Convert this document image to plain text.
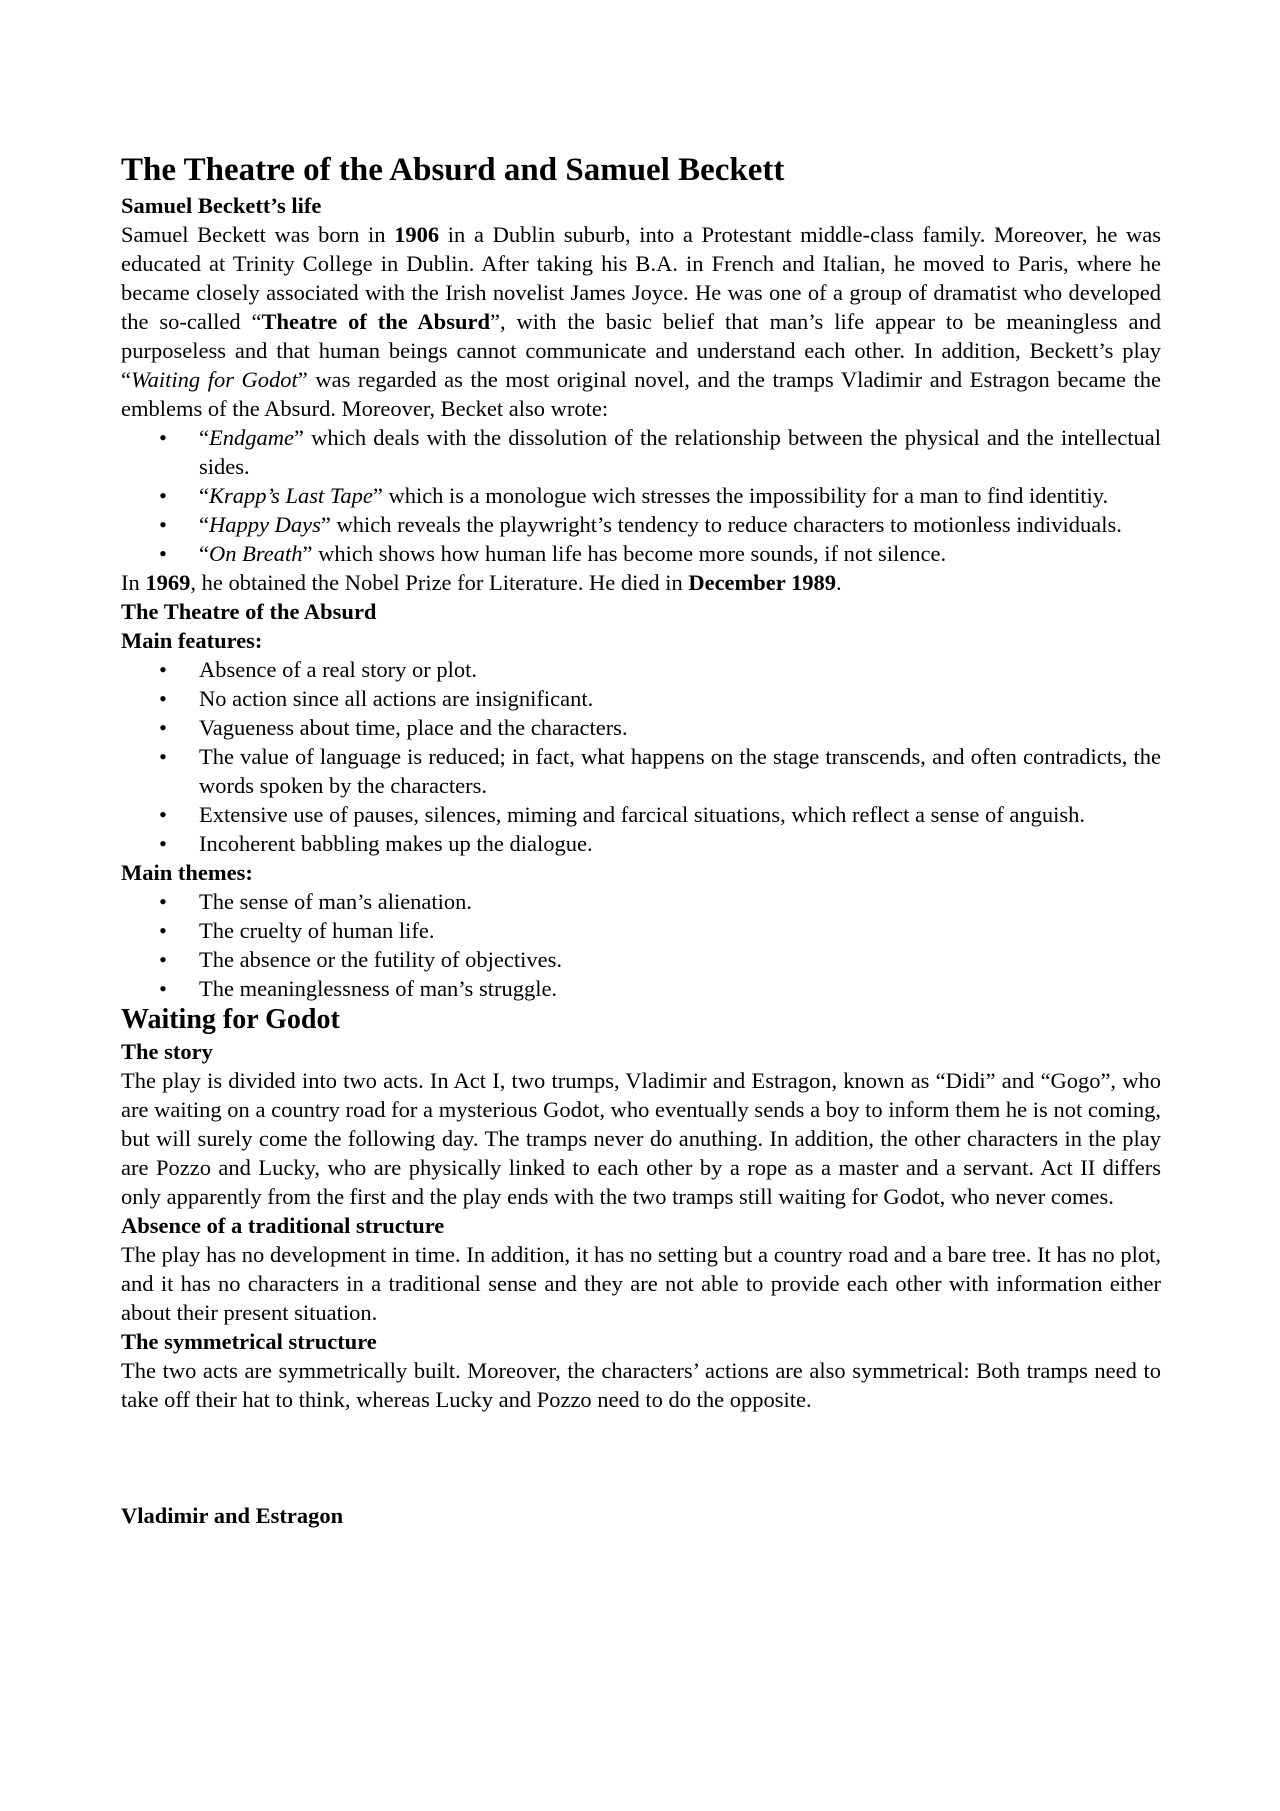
The Theatre of the Absurd and Samuel Beckett
Samuel Beckett’s life

Samuel Beckett was born in 1906 in a Dublin suburb, into a Protestant middle-class family. Moreover, he was educated at Trinity College in Dublin. After taking his B.A. in French and Italian, he moved to Paris, where he became closely associated with the Irish novelist James Joyce. He was one of a group of dramatist who developed the so-called “Theatre of the Absurd”, with the basic belief that man’s life appear to be meaningless and purposeless and that human beings cannot communicate and understand each other. In addition, Beckett’s play “Waiting for Godot” was regarded as the most original novel, and the tramps Vladimir and Estragon became the emblems of the Absurd. Moreover, Becket also wrote:

• “Endgame” which deals with the dissolution of the relationship between the physical and the intellectual sides.
• “Krapp’s Last Tape” which is a monologue wich stresses the impossibility for a man to find identitiy.
• “Happy Days” which reveals the playwright’s tendency to reduce characters to motionless individuals.
• “On Breath” which shows how human life has become more sounds, if not silence.

In 1969, he obtained the Nobel Prize for Literature. He died in December 1989.

The Theatre of the Absurd
Main features:
• Absence of a real story or plot.
• No action since all actions are insignificant.
• Vagueness about time, place and the characters.
• The value of language is reduced; in fact, what happens on the stage transcends, and often contradicts, the words spoken by the characters.
• Extensive use of pauses, silences, miming and farcical situations, which reflect a sense of anguish.
• Incoherent babbling makes up the dialogue.
Main themes:
• The sense of man’s alienation.
• The cruelty of human life.
• The absence or the futility of objectives.
• The meaninglessness of man’s struggle.
Waiting for Godot
The story

The play is divided into two acts. In Act I, two trumps, Vladimir and Estragon, known as “Didi” and “Gogo”, who are waiting on a country road for a mysterious Godot, who eventually sends a boy to inform them he is not coming, but will surely come the following day. The tramps never do anuthing. In addition, the other characters in the play are Pozzo and Lucky, who are physically linked to each other by a rope as a master and a servant. Act II differs only apparently from the first and the play ends with the two tramps still waiting for Godot, who never comes.

Absence of a traditional structure

The play has no development in time. In addition, it has no setting but a country road and a bare tree. It has no plot, and it has no characters in a traditional sense and they are not able to provide each other with information either about their present situation.

The symmetrical structure

The two acts are symmetrically built. Moreover, the characters’ actions are also symmetrical: Both tramps need to take off their hat to think, whereas Lucky and Pozzo need to do the opposite.

Vladimir and Estragon
